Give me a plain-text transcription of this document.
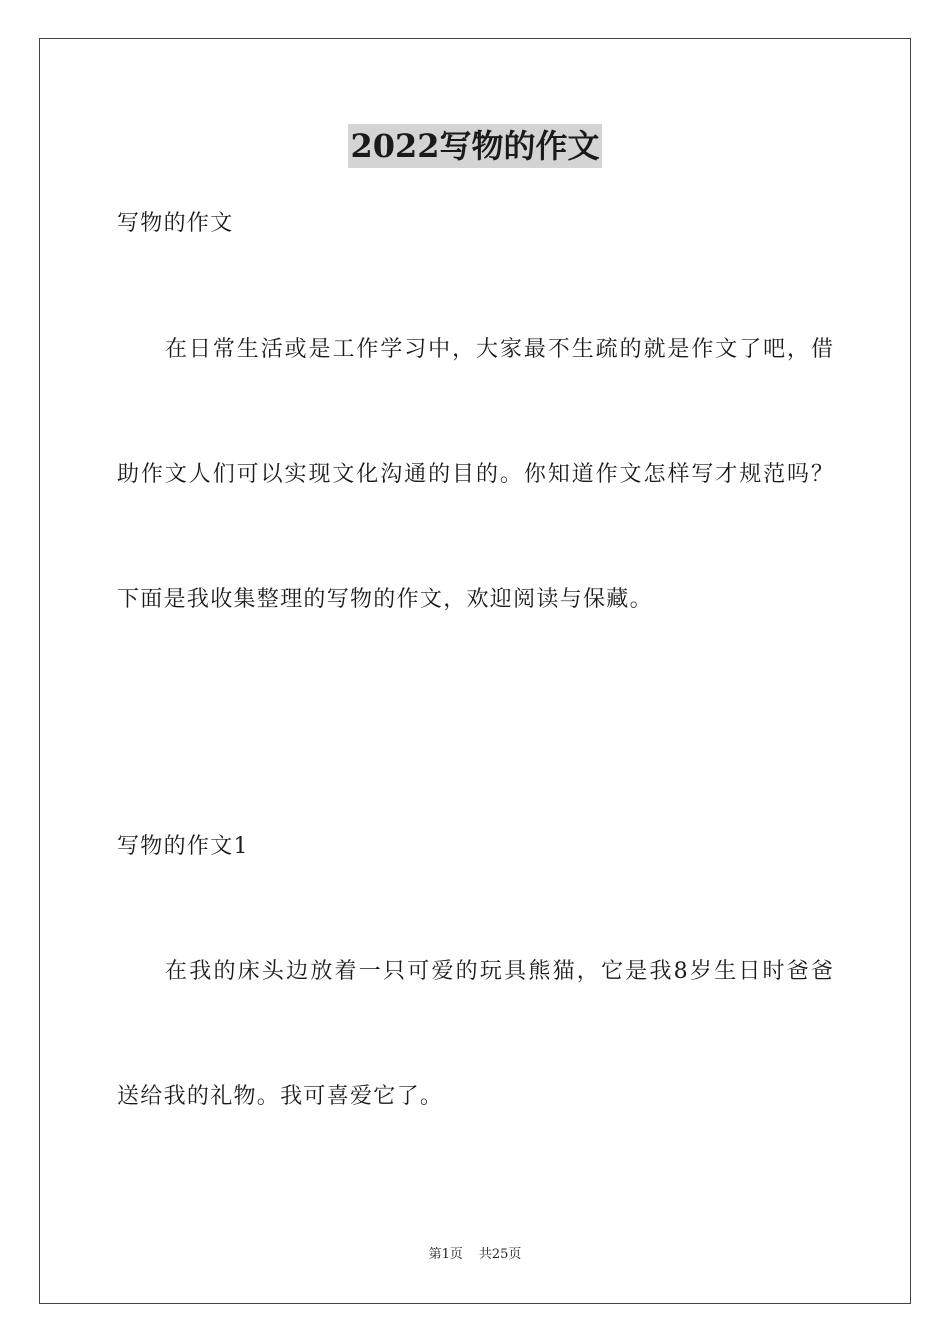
2022写物的作文
写物的作文
在日常生活或是工作学习中，大家最不生疏的就是作文了吧，借
助作文人们可以实现文化沟通的目的。你知道作文怎样写才规范吗？
下面是我收集整理的写物的作文，欢迎阅读与保藏。
写物的作文1
在我的床头边放着一只可爱的玩具熊猫，它是我8岁生日时爸爸
送给我的礼物。我可喜爱它了。
第1页 共25页
